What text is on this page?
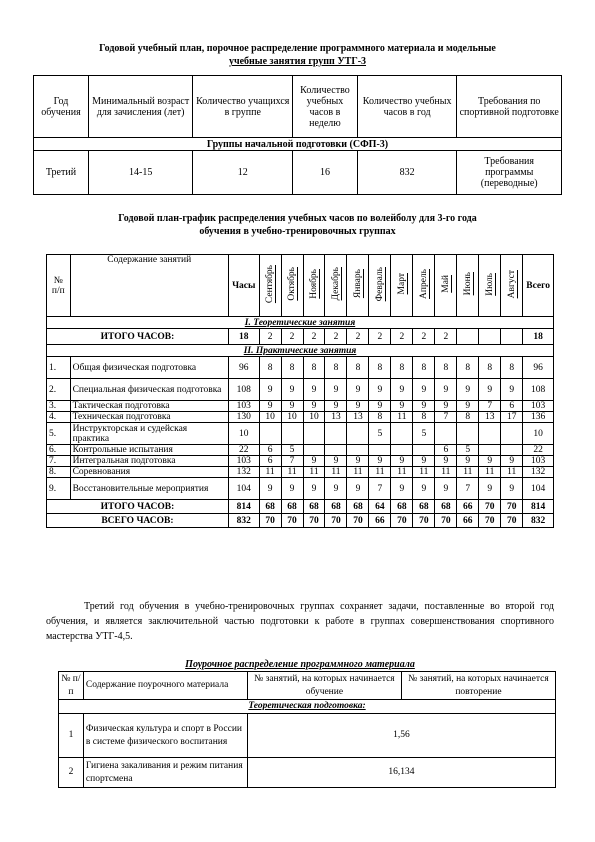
Годовой учебный план, порочное распределение программного материала и модельные
учебные занятия групп УТГ-3
Год обучения	Минимальный возраст для зачисления (лет)	Количество учащихся в группе	Количество учебных часов в неделю	Количество учебных часов в год	Требования по спортивной подготовке
Группы начальной подготовки (СФП-3)					
Третий	14-15	12	16	832	Требования программы (переводные)
Годовой план-график распределения учебных часов по волейболу для 3-го года
обучения в учебно-тренировочных группах
№ п/п	Содержание занятий	Часы	Сентябрь	Октябрь	Ноябрь	Декабрь	Январь	Февраль	Март	Апрель	Май	Июнь	Июль	Август	Всего
I. Теоретические занятия															
ИТОГО ЧАСОВ:		18	2	2	2	2	2	2	2	2	2				18
II. Практические занятия															
1.	Общая физическая подготовка	96	8	8	8	8	8	8	8	8	8	8	8	8	96
2.	Специальная физическая подготовка	108	9	9	9	9	9	9	9	9	9	9	9	9	108
3.	Тактическая подготовка	103	9	9	9	9	9	9	9	9	9	9	7	6	103
4.	Техническая подготовка	130	10	10	10	13	13	8	11	8	7	8	13	17	136
5.	Инструкторская и судейская практика	10						5		5					10
6.	Контрольные испытания	22	6	5							6	5			22
7.	Интегральная подготовка	103	6	7	9	9	9	9	9	9	9	9	9	9	103
8.	Соревнования	132	11	11	11	11	11	11	11	11	11	11	11	11	132
9.	Восстановительные мероприятия	104	9	9	9	9	9	7	9	9	9	7	9	9	104
ИТОГО ЧАСОВ:		814	68	68	68	68	68	64	68	68	68	66	70	70	814
ВСЕГО ЧАСОВ:		832	70	70	70	70	70	66	70	70	70	66	70	70	832
Третий год обучения в учебно-тренировочных группах сохраняет задачи, поставленные во второй год обучения, и является заключительной частью подготовки к работе в группах совершенствования спортивного мастерства УТГ-4,5.
Поурочное распределение программного материала
№ п/п	Содержание поурочного материала	№ занятий, на которых начинается обучение	№ занятий, на которых начинается повторение
Теоретическая подготовка:			
1	Физическая культура и спорт в России в системе физического воспитания	1,56	
2	Гигиена закаливания и режим питания спортсмена	16,134	
